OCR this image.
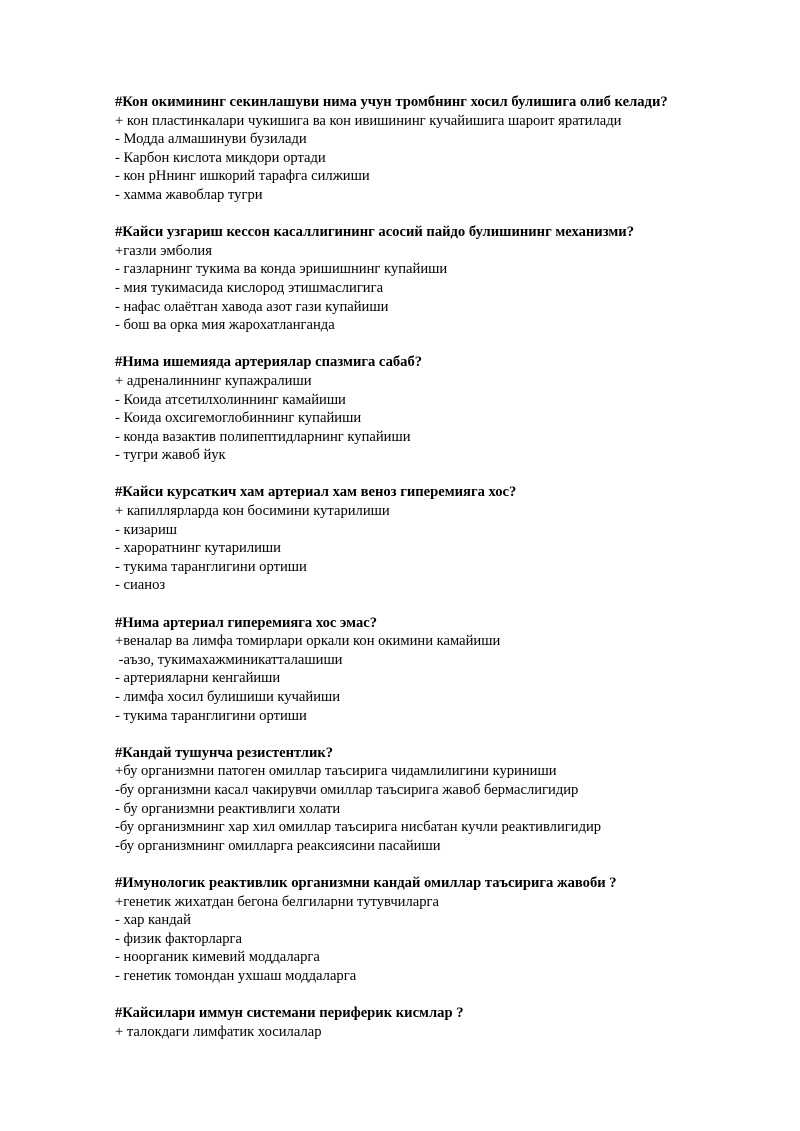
#Кон окимининг секинлашуви нима учун тромбнинг хосил булишига олиб келади?
+ кон пластинкалари чукишига ва кон ивишининг кучайишига шароит яратилади
- Модда алмашинуви бузилади
- Карбон кислота микдори ортади
- кон рНнинг ишкорий тарафга силжиши
- хамма жавоблар тугри
#Кайси узгариш кессон касаллигининг асосий пайдо булишининг механизми?
+газли эмболия
- газларнинг тукима ва конда эришишнинг купайиши
- мия тукимасида кислород этишмаслигига
- нафас олаётган хаводa азот гази купайиши
- бош ва орка мия жарохатланганда
#Нима ишемияда артериялар спазмига сабаб?
+ адреналиннинг купажралиши
- Коида атсетилхолиннинг камайиши
- Коида охсигемоглобиннинг купайиши
- конда вазактив полипептидларнинг купайиши
- тугри жавоб йук
#Кайси курсаткич хам артериал хам веноз гиперемияга хос?
+ капиллярларда кон босимини кутарилиши
- кизариш
- хароратнинг кутарилиши
- тукима таранглигини ортиши
- сианоз
#Нима артериал гиперемияга хос эмас?
+веналар ва лимфа томирлари оркали кон окимини камайиши
-аъзо, тукимахажминикатталашиши
- артерияларни кенгайиши
- лимфа хосил булишиши кучайиши
- тукима таранглигини ортиши
#Кандай тушунча резистентлик?
+бу организмни патоген омиллар таъсирига чидамлилигини куриниши
-бу организмни касал чакирувчи омиллар таъсирига жавоб бермаслигидир
- бу организмни реактивлиги холати
-бу организмнинг хар хил омиллар таъсирига нисбатан кучли реактивлигидир
-бу организмнинг омилларга реаксиясини пасайиши
#Имунологик реактивлик организмни кандай омиллар таъсирига жавоби ?
+генетик жихатдан бегона белгиларни тутувчиларга
- хар кандай
- физик факторларга
- ноорганик кимевий моддаларга
- генетик томондан ухшаш моддаларга
#Кайсилари иммун системани периферик кисмлар ?
+ талокдаги лимфатик хосилалар
